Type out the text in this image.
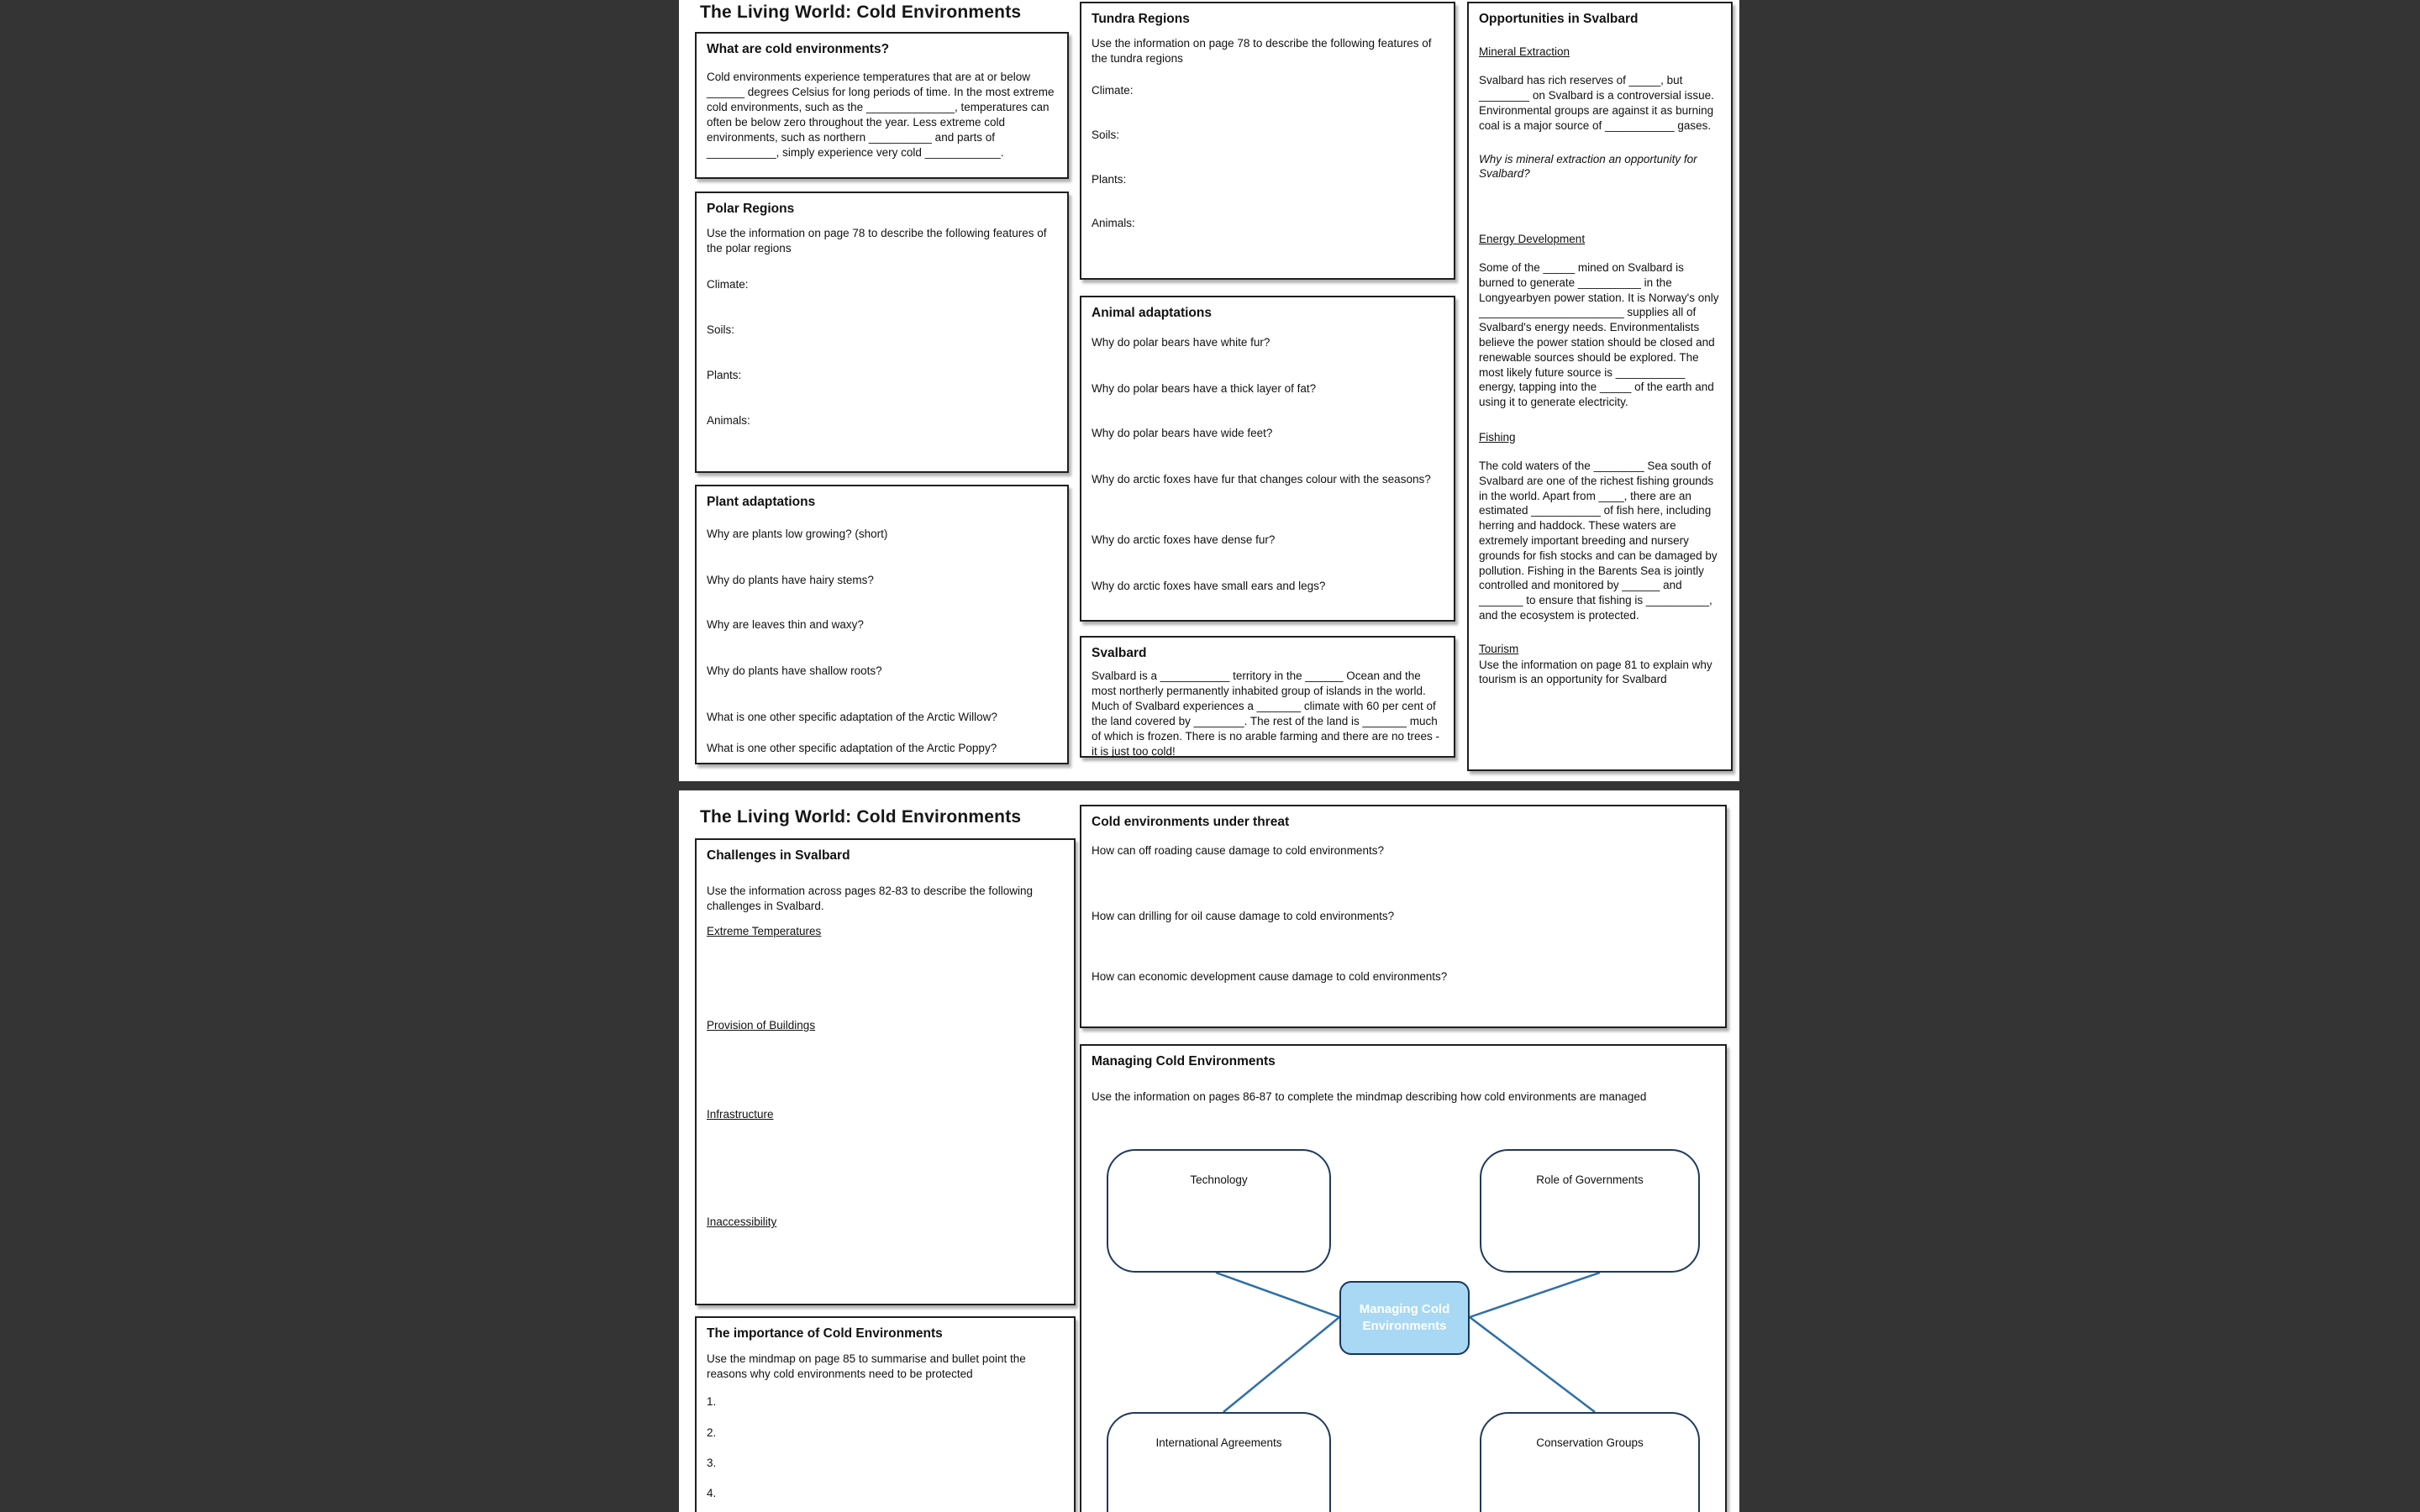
The Living World: Cold Environments
What are cold environments?
Cold environments experience temperatures that are at or below ______ degrees Celsius for long periods of time. In the most extreme cold environments, such as the ______________, temperatures can often be below zero throughout the year. Less extreme cold environments, such as northern __________ and parts of ___________, simply experience very cold ____________.
Polar Regions
Use the information on page 78 to describe the following features of the polar regions
Climate:
Soils:
Plants:
Animals:
Plant adaptations
Why are plants low growing? (short)
Why do plants have hairy stems?
Why are leaves thin and waxy?
Why do plants have shallow roots?
What is one other specific adaptation of the Arctic Willow?
What is one other specific adaptation of the Arctic Poppy?
Tundra Regions
Use the information on page 78 to describe the following features of the tundra regions
Climate:
Soils:
Plants:
Animals:
Animal adaptations
Why do polar bears have white fur?
Why do polar bears have a thick layer of fat?
Why do polar bears have wide feet?
Why do arctic foxes have fur that changes colour with the seasons?
Why do arctic foxes have dense fur?
Why do arctic foxes have small ears and legs?
Svalbard
Svalbard is a ___________ territory in the ______ Ocean and the most northerly permanently inhabited group of islands in the world. Much of Svalbard experiences a _______ climate with 60 per cent of the land covered by ________. The rest of the land is _______ much of which is frozen. There is no arable farming and there are no trees - it is just too cold!
Opportunities in Svalbard
Mineral Extraction
Svalbard has rich reserves of _____, but ________ on Svalbard is a controversial issue. Environmental groups are against it as burning coal is a major source of ___________ gases.
Why is mineral extraction an opportunity for Svalbard?
Energy Development
Some of the _____ mined on Svalbard is burned to generate __________ in the Longyearbyen power station. It is Norway's only _______________________ supplies all of Svalbard's energy needs. Environmentalists believe the power station should be closed and renewable sources should be explored. The most likely future source is ___________ energy, tapping into the _____ of the earth and using it to generate electricity.
Fishing
The cold waters of the ________ Sea south of Svalbard are one of the richest fishing grounds in the world. Apart from ____, there are an estimated ___________ of fish here, including herring and haddock. These waters are extremely important breeding and nursery grounds for fish stocks and can be damaged by pollution. Fishing in the Barents Sea is jointly controlled and monitored by ______ and _______ to ensure that fishing is __________, and the ecosystem is protected.
Tourism
Use the information on page 81 to explain why tourism is an opportunity for Svalbard
The Living World: Cold Environments
Challenges in Svalbard
Use the information across pages 82-83 to describe the following challenges in Svalbard.
Extreme Temperatures
Provision of Buildings
Infrastructure
Inaccessibility
The importance of Cold Environments
Use the mindmap on page 85 to summarise and bullet point the reasons why cold environments need to be protected
1.
2.
3.
4.
Cold environments under threat
How can off roading cause damage to cold environments?
How can drilling for oil cause damage to cold environments?
How can economic development cause damage to cold environments?
Managing Cold Environments
Use the information on pages 86-87 to complete the mindmap describing how cold environments are managed
Technology	Role of Governments
International Agreements	Conservation Groups
Managing Cold Environments
